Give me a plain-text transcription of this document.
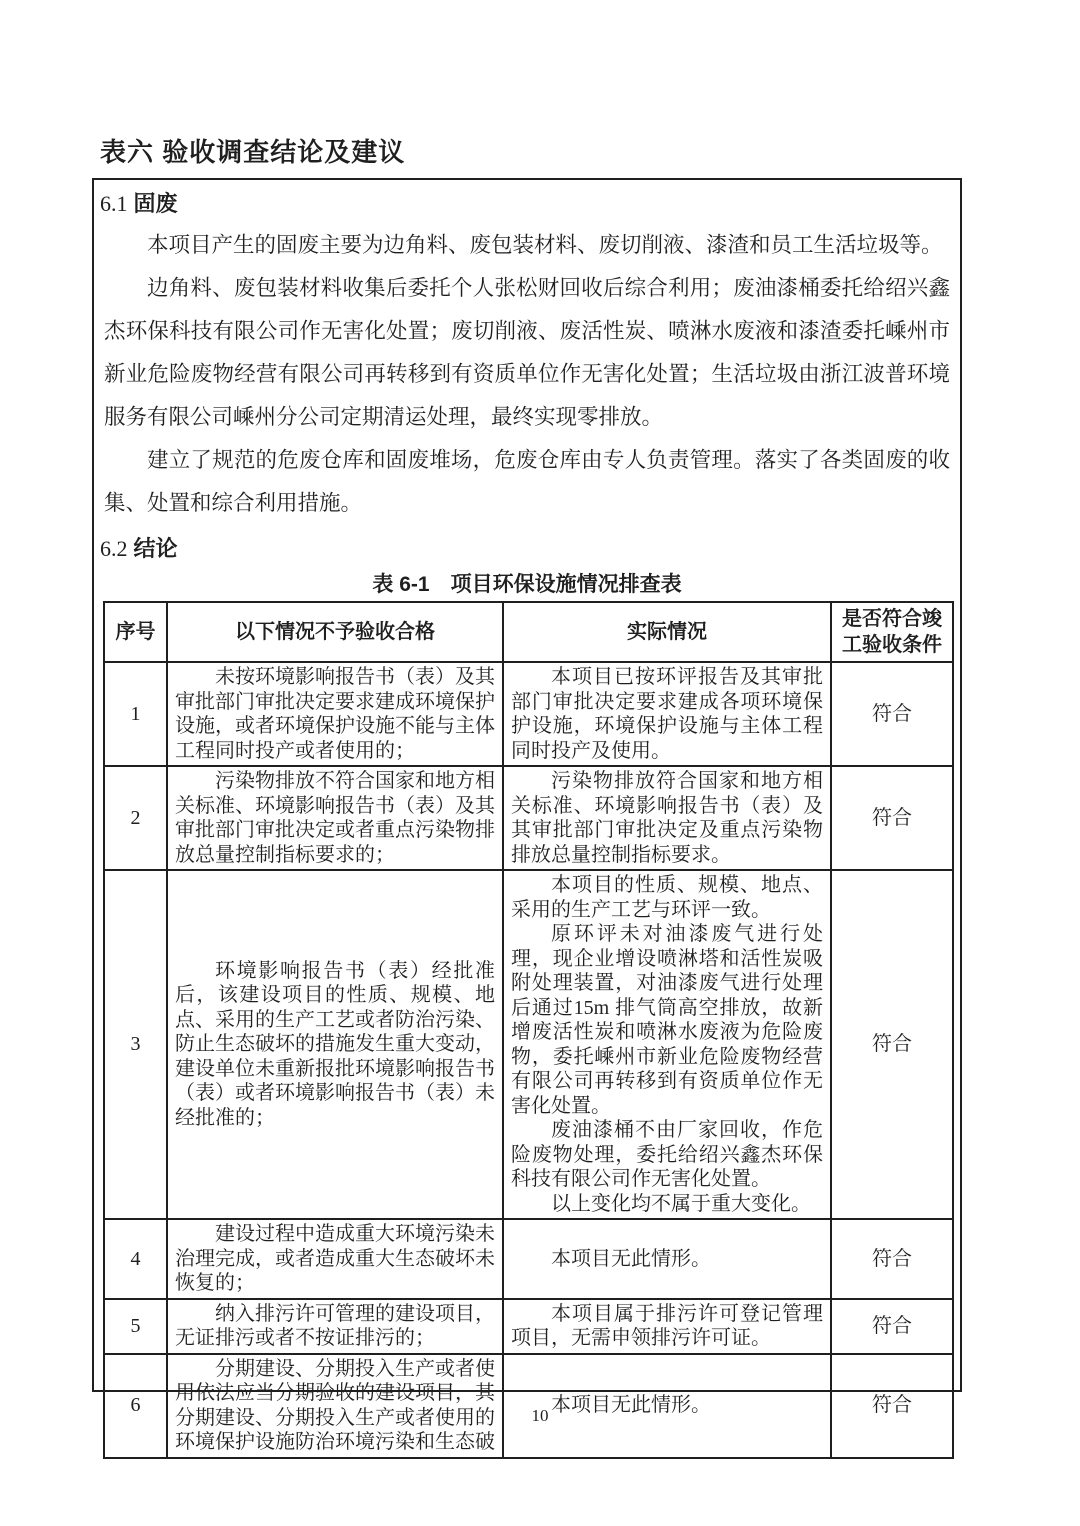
表六 验收调查结论及建议
6.1 固废

本项目产生的固废主要为边角料、废包装材料、废切削液、漆渣和员工生活垃圾等。

边角料、废包装材料收集后委托个人张松财回收后综合利用；废油漆桶委托给绍兴鑫杰环保科技有限公司作无害化处置；废切削液、废活性炭、喷淋水废液和漆渣委托嵊州市新业危险废物经营有限公司再转移到有资质单位作无害化处置；生活垃圾由浙江波普环境服务有限公司嵊州分公司定期清运处理，最终实现零排放。

建立了规范的危废仓库和固废堆场，危废仓库由专人负责管理。落实了各类固废的收集、处置和综合利用措施。

6.2 结论
表 6-1　项目环保设施情况排查表
序号	以下情况不予验收合格	实际情况	是否符合竣工验收条件
1	未按环境影响报告书（表）及其审批部门审批决定要求建成环境保护设施，或者环境保护设施不能与主体工程同时投产或者使用的；	本项目已按环评报告及其审批部门审批决定要求建成各项环境保护设施，环境保护设施与主体工程同时投产及使用。	符合
2	污染物排放不符合国家和地方相关标准、环境影响报告书（表）及其审批部门审批决定或者重点污染物排放总量控制指标要求的；	污染物排放符合国家和地方相关标准、环境影响报告书（表）及其审批部门审批决定及重点污染物排放总量控制指标要求。	符合
3	环境影响报告书（表）经批准后，该建设项目的性质、规模、地点、采用的生产工艺或者防治污染、防止生态破坏的措施发生重大变动，建设单位未重新报批环境影响报告书（表）或者环境影响报告书（表）未经批准的；	本项目的性质、规模、地点、采用的生产工艺与环评一致。

原环评未对油漆废气进行处理，现企业增设喷淋塔和活性炭吸附处理装置，对油漆废气进行处理后通过15m 排气筒高空排放，故新增废活性炭和喷淋水废液为危险废物，委托嵊州市新业危险废物经营有限公司再转移到有资质单位作无害化处置。

废油漆桶不由厂家回收，作危险废物处理，委托给绍兴鑫杰环保科技有限公司作无害化处置。

以上变化均不属于重大变化。	符合
4	建设过程中造成重大环境污染未治理完成，或者造成重大生态破坏未恢复的；	本项目无此情形。	符合
5	纳入排污许可管理的建设项目，无证排污或者不按证排污的；	本项目属于排污许可登记管理项目，无需申领排污许可证。	符合
6	分期建设、分期投入生产或者使用依法应当分期验收的建设项目，其分期建设、分期投入生产或者使用的环境保护设施防治环境污染和生态破	本项目无此情形。	符合
10
